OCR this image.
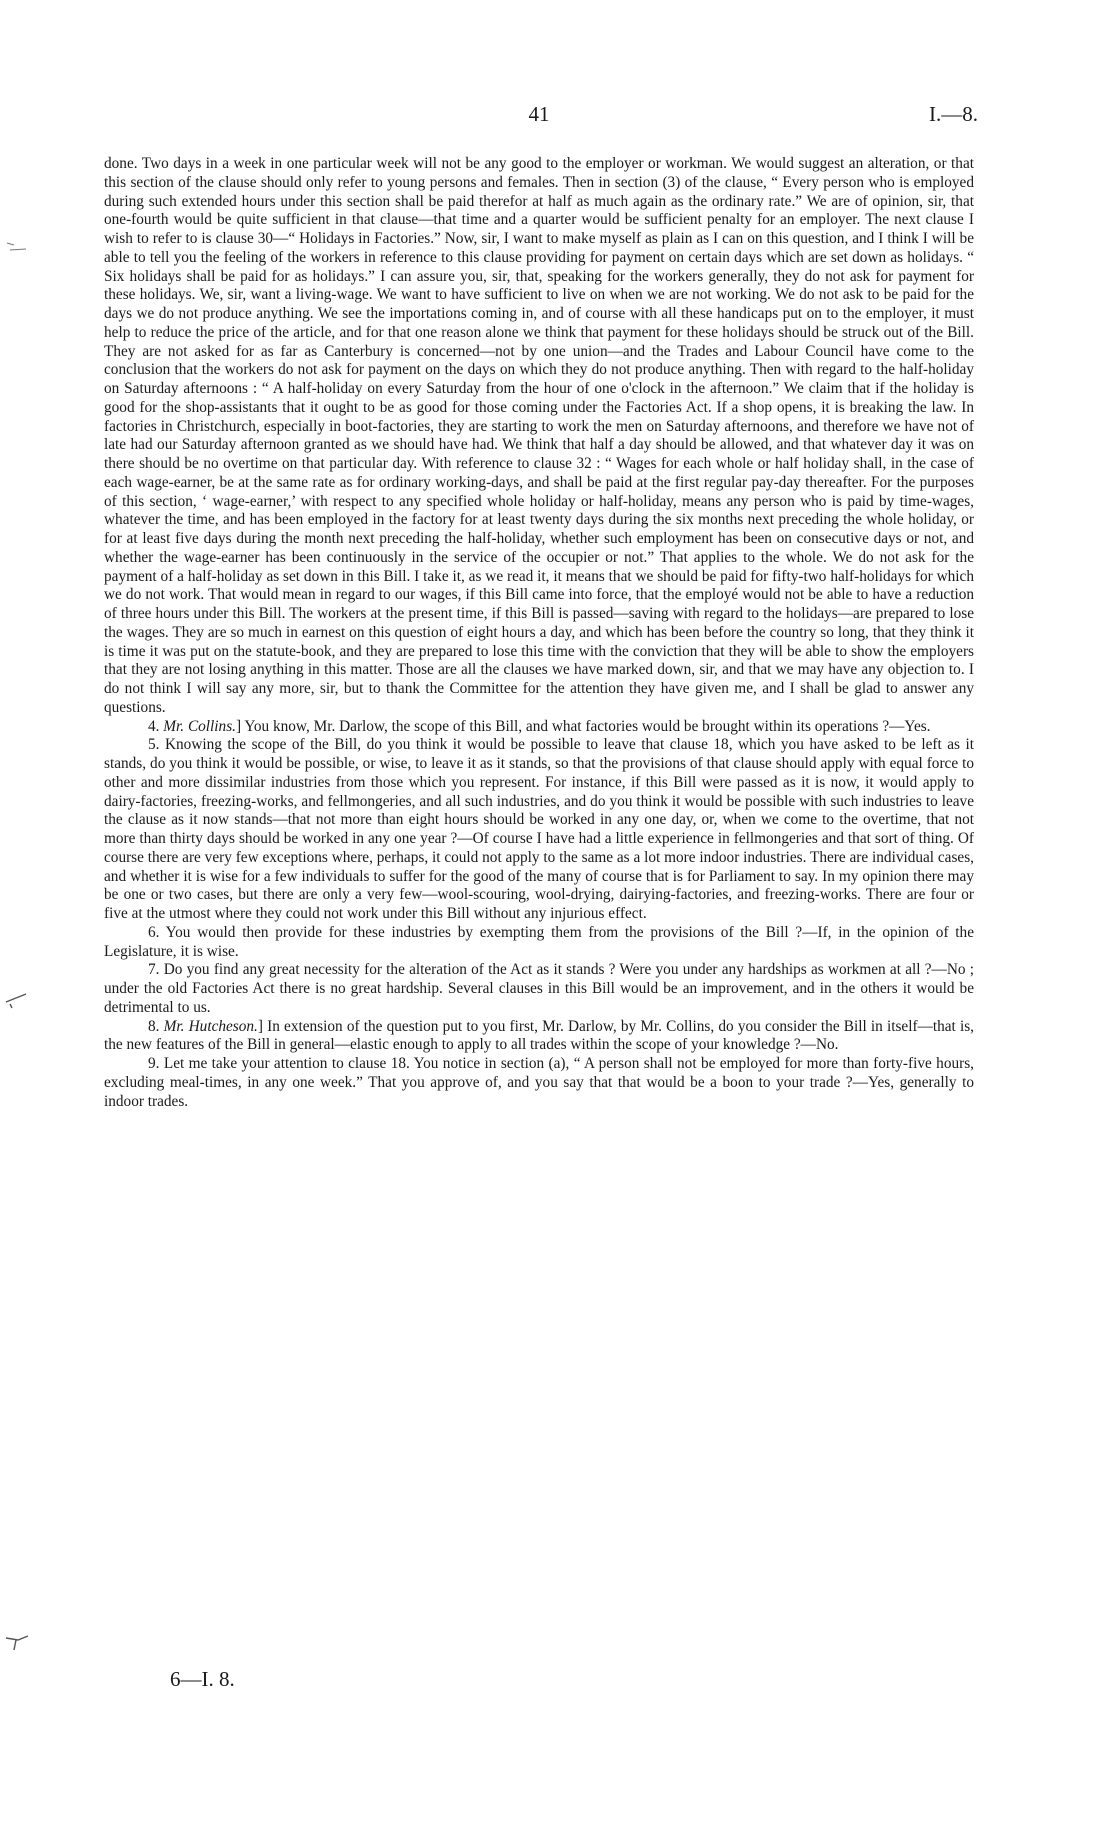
41	I.—8.

done. Two days in a week in one particular week will not be any good to the employer or workman. We would suggest an alteration, or that this section of the clause should only refer to young persons and females. Then in section (3) of the clause, “ Every person who is employed during such extended hours under this section shall be paid therefor at half as much again as the ordinary rate.” We are of opinion, sir, that one-fourth would be quite sufficient in that clause—that time and a quarter would be sufficient penalty for an employer. The next clause I wish to refer to is clause 30—“ Holidays in Factories.” Now, sir, I want to make myself as plain as I can on this question, and I think I will be able to tell you the feeling of the workers in reference to this clause providing for payment on certain days which are set down as holidays. “ Six holidays shall be paid for as holidays.” I can assure you, sir, that, speaking for the workers generally, they do not ask for payment for these holidays. We, sir, want a living-wage. We want to have sufficient to live on when we are not working. We do not ask to be paid for the days we do not produce anything. We see the importations coming in, and of course with all these handicaps put on to the employer, it must help to reduce the price of the article, and for that one reason alone we think that payment for these holidays should be struck out of the Bill. They are not asked for as far as Canterbury is concerned—not by one union—and the Trades and Labour Council have come to the conclusion that the workers do not ask for payment on the days on which they do not produce anything. Then with regard to the half-holiday on Saturday afternoons : “ A half-holiday on every Saturday from the hour of one o'clock in the afternoon.” We claim that if the holiday is good for the shop-assistants that it ought to be as good for those coming under the Factories Act. If a shop opens, it is breaking the law. In factories in Christchurch, especially in boot-factories, they are starting to work the men on Saturday afternoons, and therefore we have not of late had our Saturday afternoon granted as we should have had. We think that half a day should be allowed, and that whatever day it was on there should be no overtime on that particular day. With reference to clause 32 : “ Wages for each whole or half holiday shall, in the case of each wage-earner, be at the same rate as for ordinary working-days, and shall be paid at the first regular pay-day thereafter. For the purposes of this section, ‘ wage-earner,’ with respect to any specified whole holiday or half-holiday, means any person who is paid by time-wages, whatever the time, and has been employed in the factory for at least twenty days during the six months next preceding the whole holiday, or for at least five days during the month next preceding the half-holiday, whether such employment has been on consecutive days or not, and whether the wage-earner has been continuously in the service of the occupier or not.” That applies to the whole. We do not ask for the payment of a half-holiday as set down in this Bill. I take it, as we read it, it means that we should be paid for fifty-two half-holidays for which we do not work. That would mean in regard to our wages, if this Bill came into force, that the employé would not be able to have a reduction of three hours under this Bill. The workers at the present time, if this Bill is passed—saving with regard to the holidays—are prepared to lose the wages. They are so much in earnest on this question of eight hours a day, and which has been before the country so long, that they think it is time it was put on the statute-book, and they are prepared to lose this time with the conviction that they will be able to show the employers that they are not losing anything in this matter. Those are all the clauses we have marked down, sir, and that we may have any objection to. I do not think I will say any more, sir, but to thank the Committee for the attention they have given me, and I shall be glad to answer any questions.

4. Mr. Collins.] You know, Mr. Darlow, the scope of this Bill, and what factories would be brought within its operations ?—Yes.

5. Knowing the scope of the Bill, do you think it would be possible to leave that clause 18, which you have asked to be left as it stands, do you think it would be possible, or wise, to leave it as it stands, so that the provisions of that clause should apply with equal force to other and more dissimilar industries from those which you represent. For instance, if this Bill were passed as it is now, it would apply to dairy-factories, freezing-works, and fellmongeries, and all such industries, and do you think it would be possible with such industries to leave the clause as it now stands—that not more than eight hours should be worked in any one day, or, when we come to the overtime, that not more than thirty days should be worked in any one year ?—Of course I have had a little experience in fellmongeries and that sort of thing. Of course there are very few exceptions where, perhaps, it could not apply to the same as a lot more indoor industries. There are individual cases, and whether it is wise for a few individuals to suffer for the good of the many of course that is for Parliament to say. In my opinion there may be one or two cases, but there are only a very few—wool-scouring, wool-drying, dairying-factories, and freezing-works. There are four or five at the utmost where they could not work under this Bill without any injurious effect.

6. You would then provide for these industries by exempting them from the provisions of the Bill ?—If, in the opinion of the Legislature, it is wise.

7. Do you find any great necessity for the alteration of the Act as it stands ? Were you under any hardships as workmen at all ?—No ; under the old Factories Act there is no great hardship. Several clauses in this Bill would be an improvement, and in the others it would be detrimental to us.

8. Mr. Hutcheson.] In extension of the question put to you first, Mr. Darlow, by Mr. Collins, do you consider the Bill in itself—that is, the new features of the Bill in general—elastic enough to apply to all trades within the scope of your knowledge ?—No.

9. Let me take your attention to clause 18. You notice in section (a), “ A person shall not be employed for more than forty-five hours, excluding meal-times, in any one week.” That you approve of, and you say that that would be a boon to your trade ?—Yes, generally to indoor trades.

6—I. 8.
